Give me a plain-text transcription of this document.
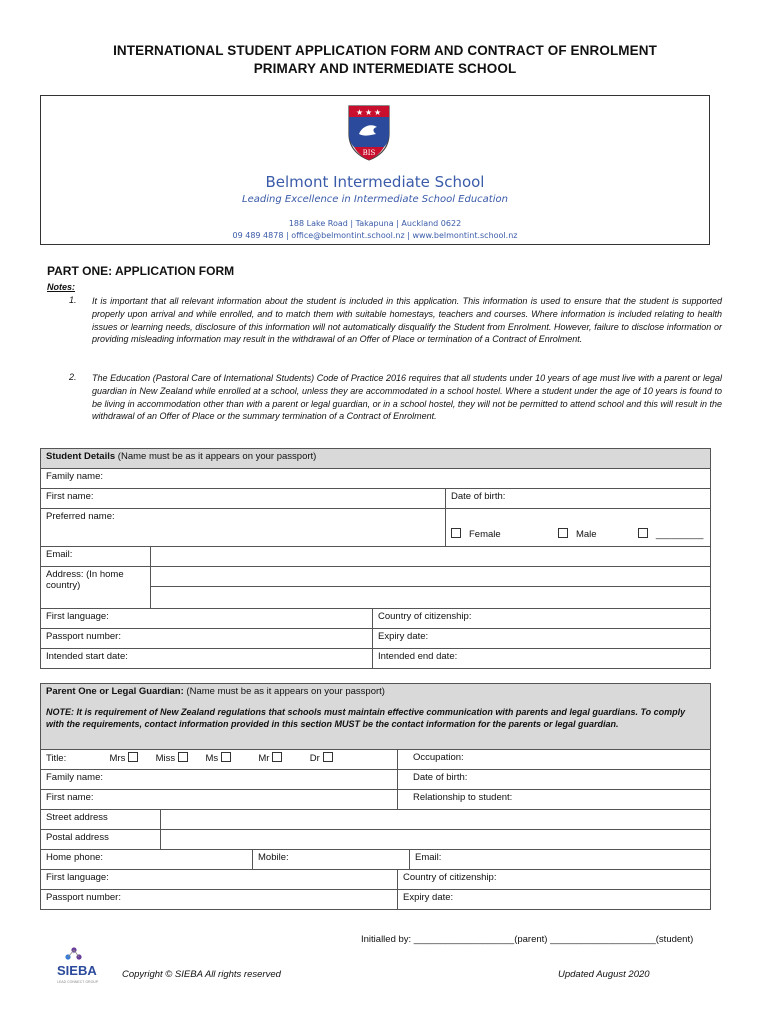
INTERNATIONAL STUDENT APPLICATION FORM AND CONTRACT OF ENROLMENT
PRIMARY AND INTERMEDIATE SCHOOL
★ ★ ★
BIS
Belmont Intermediate School
Leading Excellence in Intermediate School Education
188 Lake Road | Takapuna | Auckland 0622
09 489 4878 | office@belmontint.school.nz | www.belmontint.school.nz
PART ONE: APPLICATION FORM
Notes:
1. It is important that all relevant information about the student is included in this application. This information is used to ensure that the student is supported properly upon arrival and while enrolled, and to match them with suitable homestays, teachers and courses. Where information is included relating to health issues or learning needs, disclosure of this information will not automatically disqualify the Student from Enrolment. However, failure to disclose information or providing misleading information may result in the withdrawal of an Offer of Place or termination of a Contract of Enrolment.
2. The Education (Pastoral Care of International Students) Code of Practice 2016 requires that all students under 10 years of age must live with a parent or legal guardian in New Zealand while enrolled at a school, unless they are accommodated in a school hostel. Where a student under the age of 10 years is found to be living in accommodation other than with a parent or legal guardian, or in a school hostel, they will not be permitted to attend school and this will result in the withdrawal of an Offer of Place or the summary termination of a Contract of Enrolment.
Student Details (Name must be as it appears on your passport)			
Family name:			
First name:			Date of birth:
Preferred name:			Female Male _________
Email:			
Address: (In home country)			

First language:		Country of citizenship:	
Passport number:		Expiry date:	
Intended start date:		Intended end date:	
Parent One or Legal Guardian: (Name must be as it appears on your passport)				
NOTE: It is requirement of New Zealand regulations that schools must maintain effective communication with parents and legal guardians. To comply with the requirements, contact information provided in this section MUST be the contact information for the parents or legal guardian.				
Title: Mrs Miss Ms Mr Dr			Occupation:	
Family name:			Date of birth:	
First name:			Relationship to student:	
Street address				
Postal address				
Home phone:		Mobile:		Email:
First language:			Country of citizenship:	
Passport number:			Expiry date:	
Initialled by: ___________________(parent) ____________________(student)
SIEBA
LEAD CONNECT GROUP
Copyright © SIEBA All rights reserved	Updated August 2020
